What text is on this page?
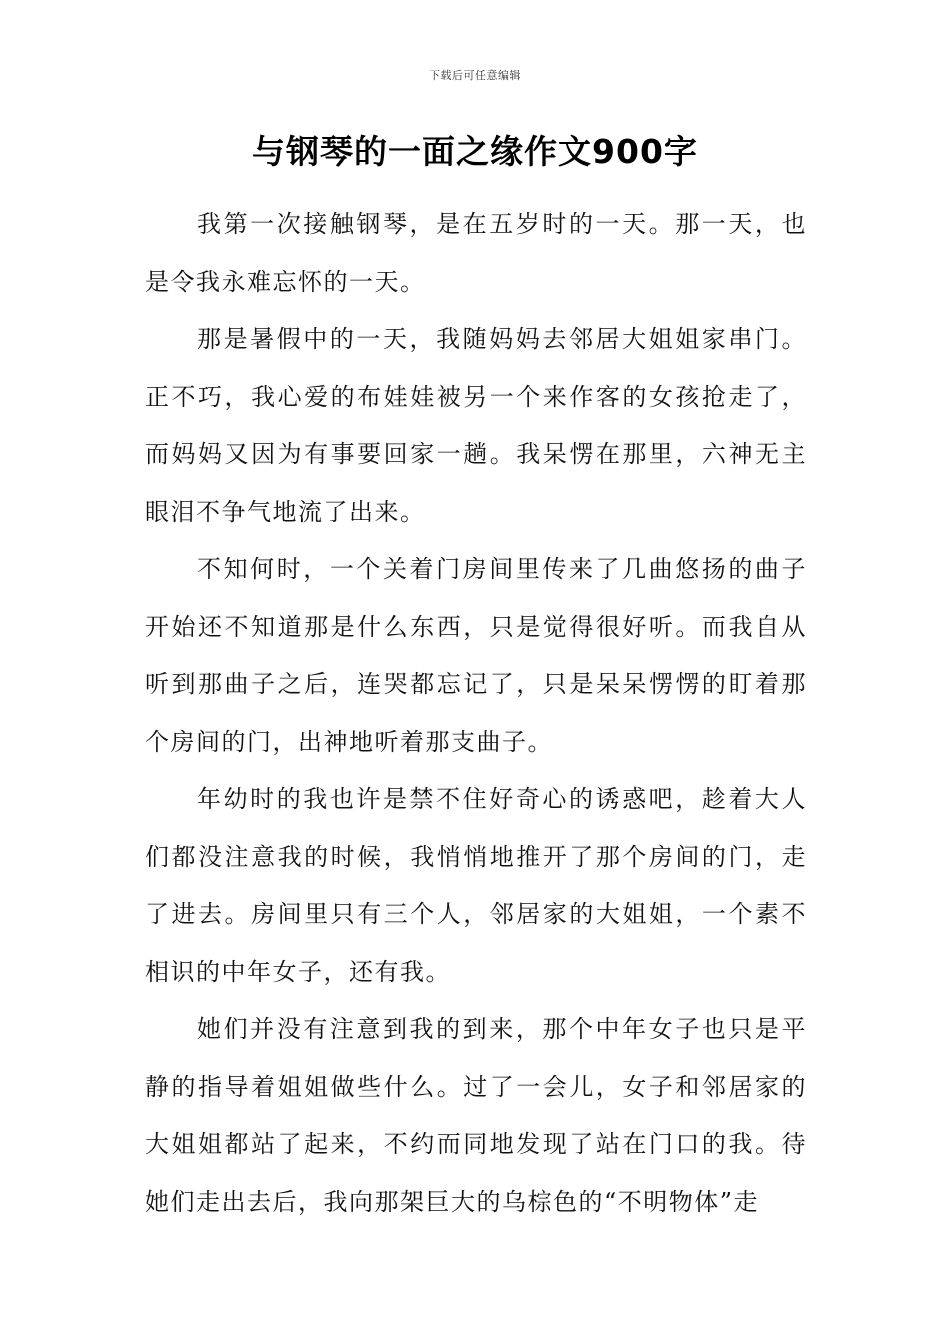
下载后可任意编辑
与钢琴的一面之缘作文900字

我第一次接触钢琴，是在五岁时的一天。那一天，也是令我永难忘怀的一天。

那是暑假中的一天，我随妈妈去邻居大姐姐家串门。正不巧，我心爱的布娃娃被另一个来作客的女孩抢走了，而妈妈又因为有事要回家一趟。我呆愣在那里，六神无主眼泪不争气地流了出来。

不知何时，一个关着门房间里传来了几曲悠扬的曲子开始还不知道那是什么东西，只是觉得很好听。而我自从听到那曲子之后，连哭都忘记了，只是呆呆愣愣的盯着那个房间的门，出神地听着那支曲子。

年幼时的我也许是禁不住好奇心的诱惑吧，趁着大人们都没注意我的时候，我悄悄地推开了那个房间的门，走了进去。房间里只有三个人，邻居家的大姐姐，一个素不相识的中年女子，还有我。

她们并没有注意到我的到来，那个中年女子也只是平静的指导着姐姐做些什么。过了一会儿，女子和邻居家的大姐姐都站了起来，不约而同地发现了站在门口的我。待她们走出去后，我向那架巨大的乌棕色的“不明物体”走
